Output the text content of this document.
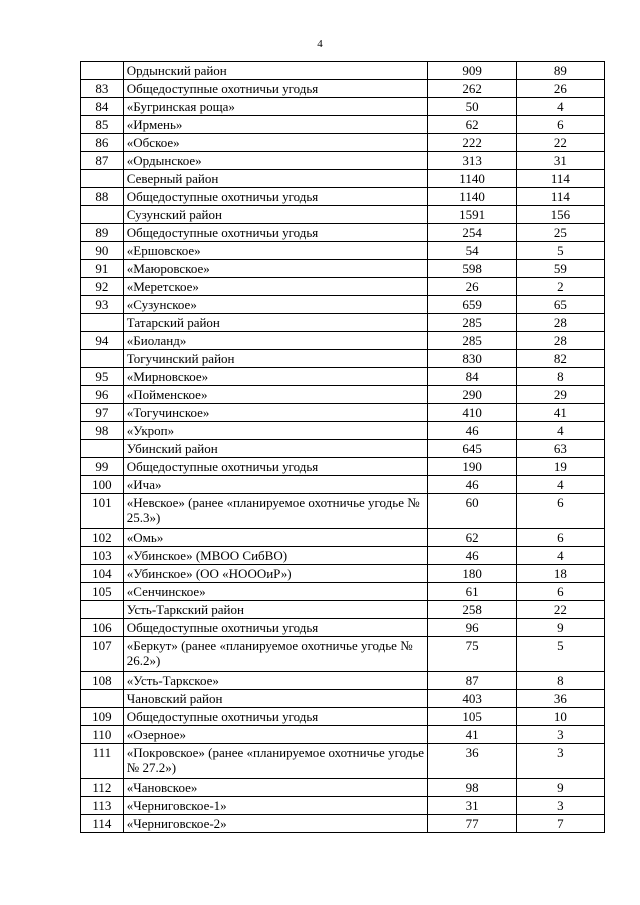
4
	Ордынский район	909	89
83	Общедоступные охотничьи угодья	262	26
84	«Бугринская роща»	50	4
85	«Ирмень»	62	6
86	«Обское»	222	22
87	«Ордынское»	313	31
	Северный район	1140	114
88	Общедоступные охотничьи угодья	1140	114
	Сузунский район	1591	156
89	Общедоступные охотничьи угодья	254	25
90	«Ершовское»	54	5
91	«Маюровское»	598	59
92	«Меретское»	26	2
93	«Сузунское»	659	65
	Татарский район	285	28
94	«Биоланд»	285	28
	Тогучинский район	830	82
95	«Мирновское»	84	8
96	«Пойменское»	290	29
97	«Тогучинское»	410	41
98	«Укроп»	46	4
	Убинский район	645	63
99	Общедоступные охотничьи угодья	190	19
100	«Ича»	46	4
101	«Невское» (ранее «планируемое охотничье угодье № 25.3»)	60	6
102	«Омь»	62	6
103	«Убинское» (МВОО СибВО)	46	4
104	«Убинское» (ОО «НОООиР»)	180	18
105	«Сенчинское»	61	6
	Усть-Таркский район	258	22
106	Общедоступные охотничьи угодья	96	9
107	«Беркут» (ранее «планируемое охотничье угодье № 26.2»)	75	5
108	«Усть-Таркское»	87	8
	Чановский район	403	36
109	Общедоступные охотничьи угодья	105	10
110	«Озерное»	41	3
111	«Покровское» (ранее «планируемое охотничье угодье № 27.2»)	36	3
112	«Чановское»	98	9
113	«Черниговское-1»	31	3
114	«Черниговское-2»	77	7
